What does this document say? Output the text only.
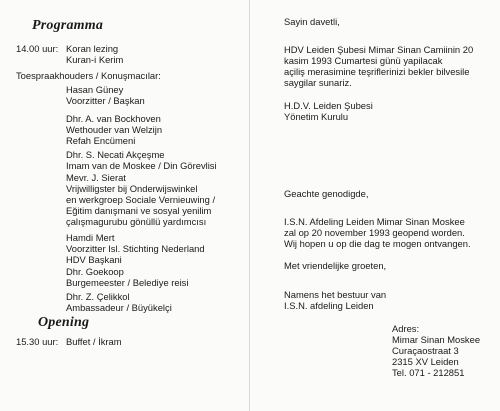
Programma
14.00 uur: Koran lezing
Kuran-i Kerim
Toespraakhouders / Konuşmacılar:
Hasan Güney
Voorzitter / Başkan
Dhr. A. van Bockhoven
Wethouder van Welzijn
Refah Encümeni
Dhr. S. Necati Akçeşme
Imam van de Moskee / Din Görevlisi
Mevr. J. Sierat
Vrijwilligster bij Onderwijswinkel
en werkgroep Sociale Vernieuwing /
Eğitim danışmani ve sosyal yenilim
çalışmagurubu gönüllü yardımcısı
Hamdi Mert
Voorzitter Isl. Stichting Nederland
HDV Başkani
Dhr. Goekoop
Burgemeester / Belediye reisi
Dhr. Z. Çelikkol
Ambassadeur / Büyükelçi
Opening
15.30 uur: Buffet / İkram
Sayin davetli,
HDV Leiden Şubesi Mimar Sinan Camiinin 20
kasim 1993 Cumartesi günü yapilacak
açiliş merasimine teşriflerinizi bekler bilvesile
saygilar sunariz.
H.D.V. Leiden Şubesi
Yönetim Kurulu
Geachte genodigde,
I.S.N. Afdeling Leiden Mimar Sinan Moskee
zal op 20 november 1993 geopend worden.
Wij hopen u op die dag te mogen ontvangen.
Met vriendelijke groeten,
Namens het bestuur van
I.S.N. afdeling Leiden
Adres:
Mimar Sinan Moskee
Curaçaostraat 3
2315 XV Leiden
Tel. 071 - 212851
